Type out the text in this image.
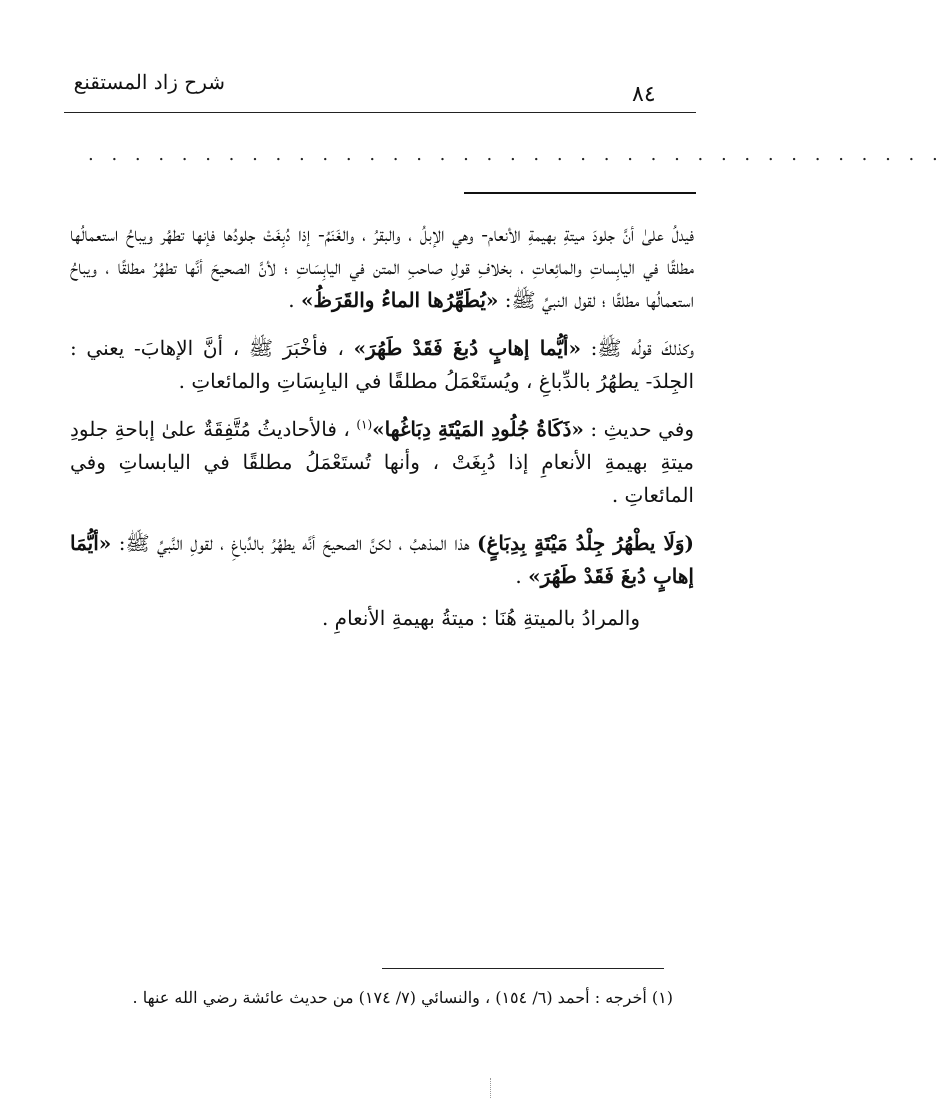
شرح زاد المستقنع	٨٤
. . . . . . . . . . . . . . . . . . . . . . . . . . . . . . . . . . . . .

فيدلُ علىٰ أنَّ جلودَ ميتةِ بهيمةِ الأنعام- وهي الإبلُ ، والبقرُ ، والغَنَمُ- إذا دُبِغَتْ جلودُها فإنها تطهُر ويباحُ استعمالُها مطلقًا في اليابِساتِ والمائِعاتِ ، بخلافِ قولِ صاحبِ المتن في اليابِسَاتِ ؛ لأنَّ الصحيحَ أنَّها تطهُرُ مطلقًا ، ويباحُ استعمالُها مطلقًا ؛ لقول النبيِّ ﷺ: «يُطَهِّرُها الماءُ والقَرَظُ» .

وكذلكَ قولُه ﷺ: «أيُّما إهابٍ دُبغَ فَقَدْ طَهُرَ» ، فأخْبَرَ ﷺ ، أنَّ الإهابَ- يعني : الجِلدَ- يطهُرُ بالدِّباغِ ، ويُستَعْمَلُ مطلقًا في اليابِسَاتِ والمائعاتِ .

وفي حديثِ : «ذَكَاةُ جُلُودِ المَيْتَةِ دِبَاغُها»$^{(١)}$ ، فالأحاديثُ مُتَّفِقَةٌ علىٰ إباحةِ جلودِ ميتةِ بهيمةِ الأنعامِ إذا دُبِغَتْ ، وأنها تُستَعْمَلُ مطلقًا في اليابساتِ وفي المائعاتِ .

(وَلَا يطْهُرُ جِلْدُ مَيْتَةٍ بِدِبَاغٍ) هذا المذهبُ ، لكنَّ الصحيحَ أنَّه يطهُرُ بالدِّباغِ ، لقولِ النَّبيِّ ﷺ: «أيُّمَا إهابٍ دُبغَ فَقَدْ طَهُرَ» .

والمرادُ بالميتةِ هُنَا : ميتةُ بهيمةِ الأنعامِ .

(١) أخرجه : أحمد (٦/ ١٥٤) ، والنسائي (٧/ ١٧٤) من حديث عائشة رضي الله عنها .
